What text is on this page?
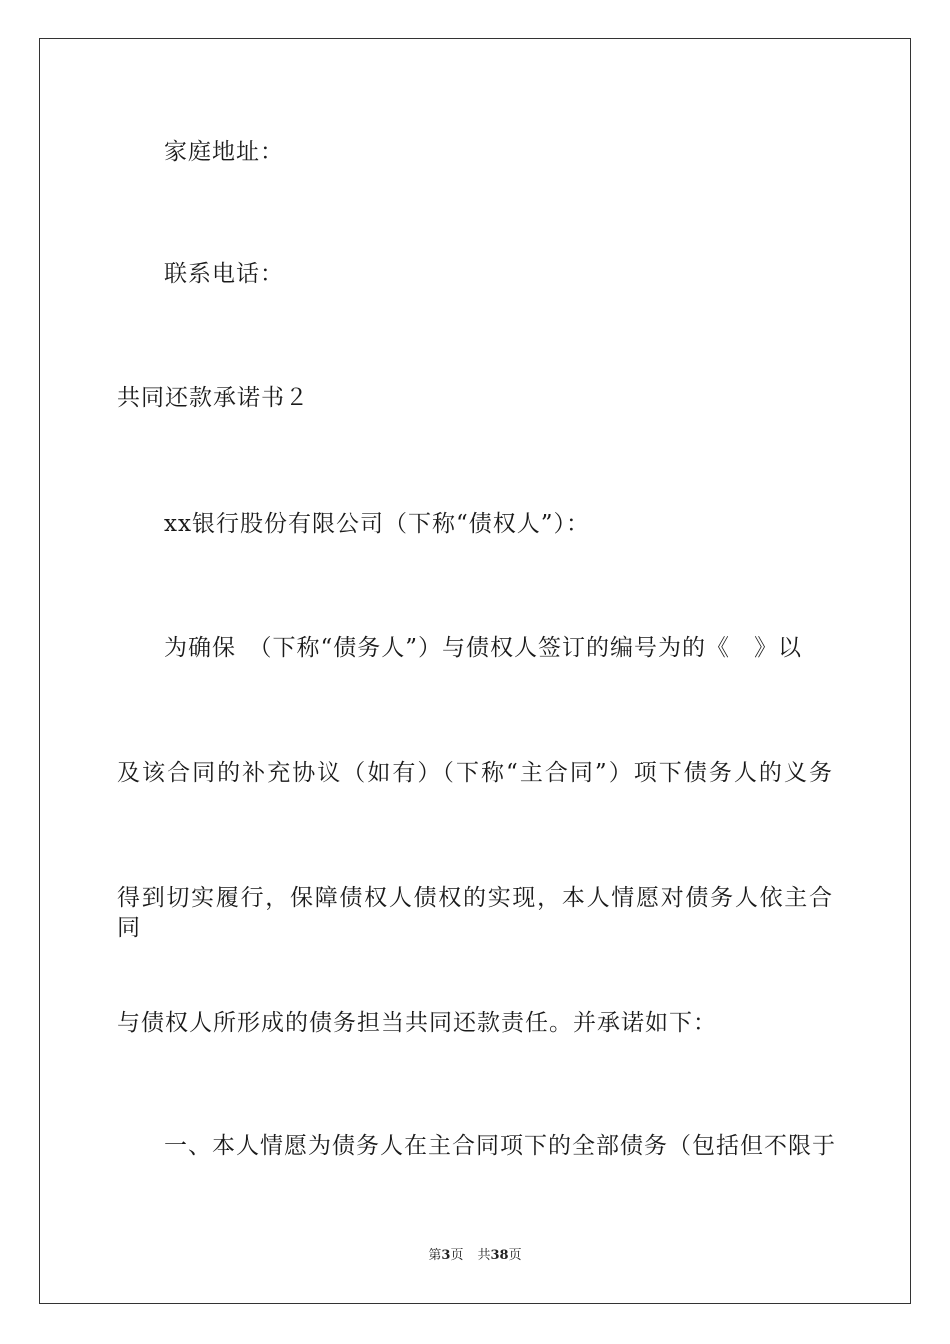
家庭地址：
联系电话：
共同还款承诺书２
xx银行股份有限公司（下称“债权人”）：
为确保　（下称“债务人”）与债权人签订的编号为的《　》以
及该合同的补充协议（如有）（下称“主合同”）项下债务人的义务
得到切实履行，保障债权人债权的实现，本人情愿对债务人依主合同
与债权人所形成的债务担当共同还款责任。并承诺如下：
一、本人情愿为债务人在主合同项下的全部债务（包括但不限于
第3页 共38页
